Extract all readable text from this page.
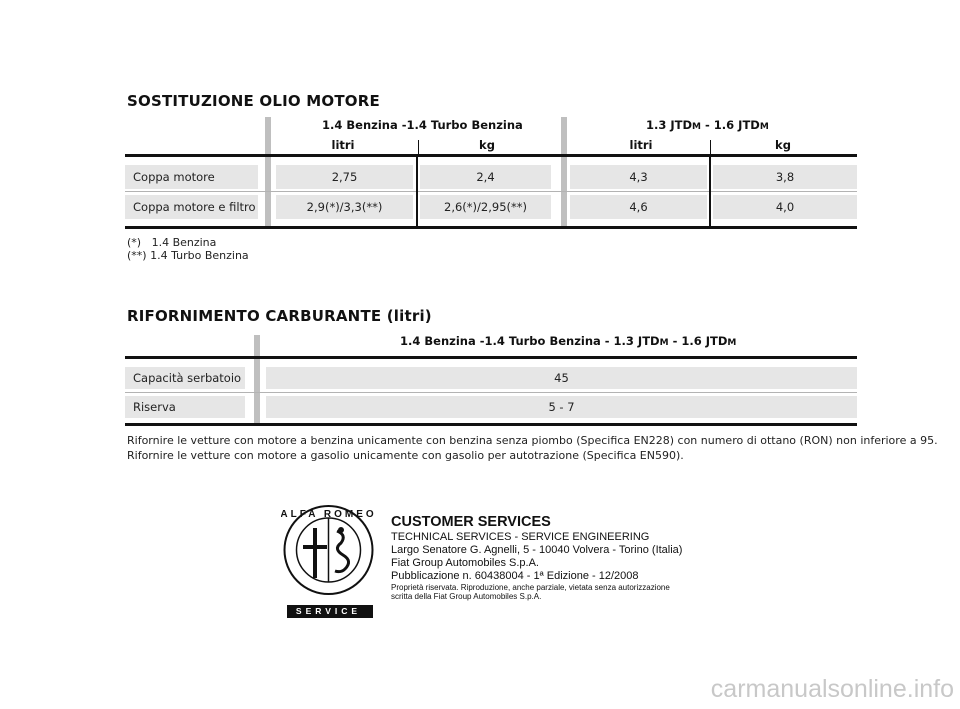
SOSTITUZIONE OLIO MOTORE
1.4 Benzina -1.4 Turbo Benzina	1.3 JTDM - 1.6 JTDM
litri	kg	litri	kg
Coppa motore	2,75	2,4	4,3	3,8
Coppa motore e filtro	2,9(*)/3,3(**)	2,6(*)/2,95(**)	4,6	4,0
(*)   1.4 Benzina
(**) 1.4 Turbo Benzina
RIFORNIMENTO CARBURANTE (litri)
1.4 Benzina -1.4 Turbo Benzina - 1.3 JTDM - 1.6 JTDM
Capacità serbatoio	45
Riserva	5 - 7
Rifornire le vetture con motore a benzina unicamente con benzina senza piombo (Specifica EN228) con numero di ottano (RON) non inferiore a 95.
Rifornire le vetture con motore a gasolio unicamente con gasolio per autotrazione (Specifica EN590).
ALFA ROMEO
SERVICE
CUSTOMER SERVICES
TECHNICAL SERVICES - SERVICE ENGINEERING
Largo Senatore G. Agnelli, 5 - 10040 Volvera - Torino (Italia)
Fiat Group Automobiles S.p.A.
Pubblicazione n. 60438004 - 1ª Edizione - 12/2008
Proprietà riservata. Riproduzione, anche parziale, vietata senza autorizzazione
scritta della Fiat Group Automobiles S.p.A.
carmanualsonline.info
